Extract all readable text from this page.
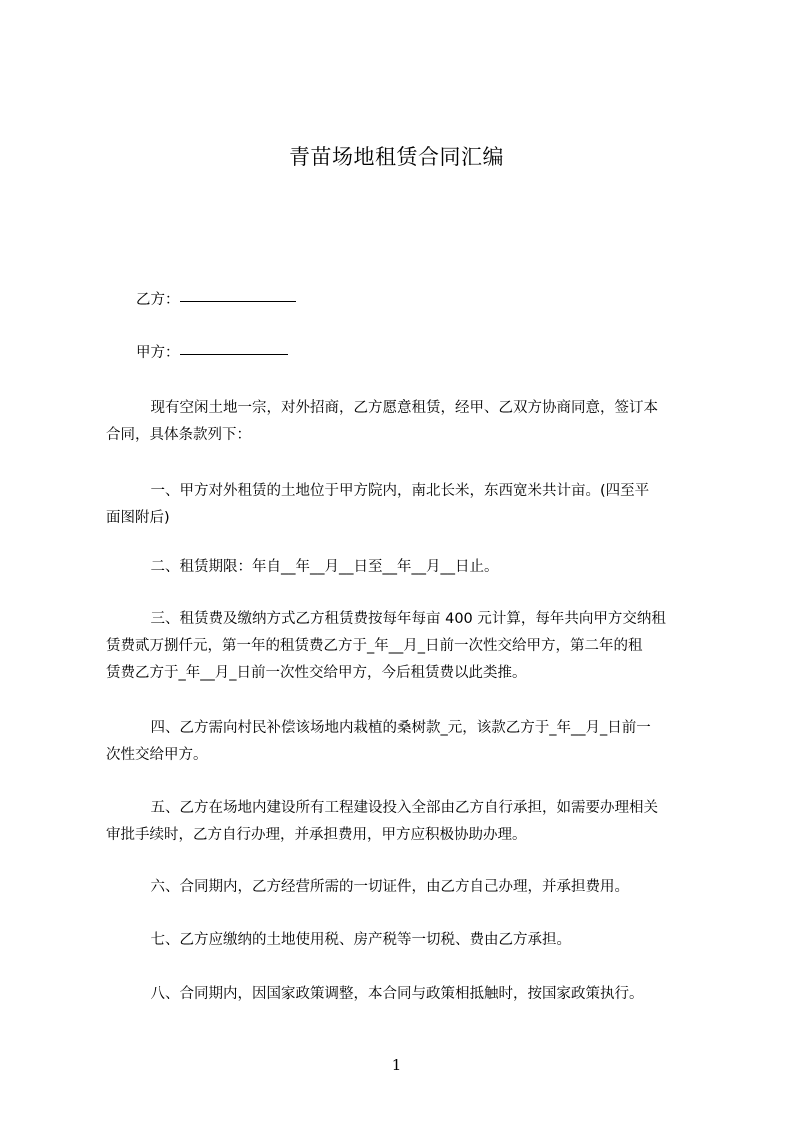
青苗场地租赁合同汇编
乙方：
甲方：
　现有空闲土地一宗，对外招商，乙方愿意租赁，经甲、乙双方协商同意，签订本
合同，具体条款列下：
　一、甲方对外租赁的土地位于甲方院内，南北长米，东西宽米共计亩。(四至平
面图附后)
　二、租赁期限：年自__年__月__日至__年__月__日止。
　三、租赁费及缴纳方式乙方租赁费按每年每亩 400 元计算，每年共向甲方交纳租
赁费贰万捌仟元，第一年的租赁费乙方于_年__月_日前一次性交给甲方，第二年的租
赁费乙方于_年__月_日前一次性交给甲方，今后租赁费以此类推。
　四、乙方需向村民补偿该场地内栽植的桑树款_元，该款乙方于_年__月_日前一
次性交给甲方。
　五、乙方在场地内建设所有工程建设投入全部由乙方自行承担，如需要办理相关
审批手续时，乙方自行办理，并承担费用，甲方应积极协助办理。
　六、合同期内，乙方经营所需的一切证件，由乙方自己办理，并承担费用。
　七、乙方应缴纳的土地使用税、房产税等一切税、费由乙方承担。
　八、合同期内，因国家政策调整，本合同与政策相抵触时，按国家政策执行。
1
